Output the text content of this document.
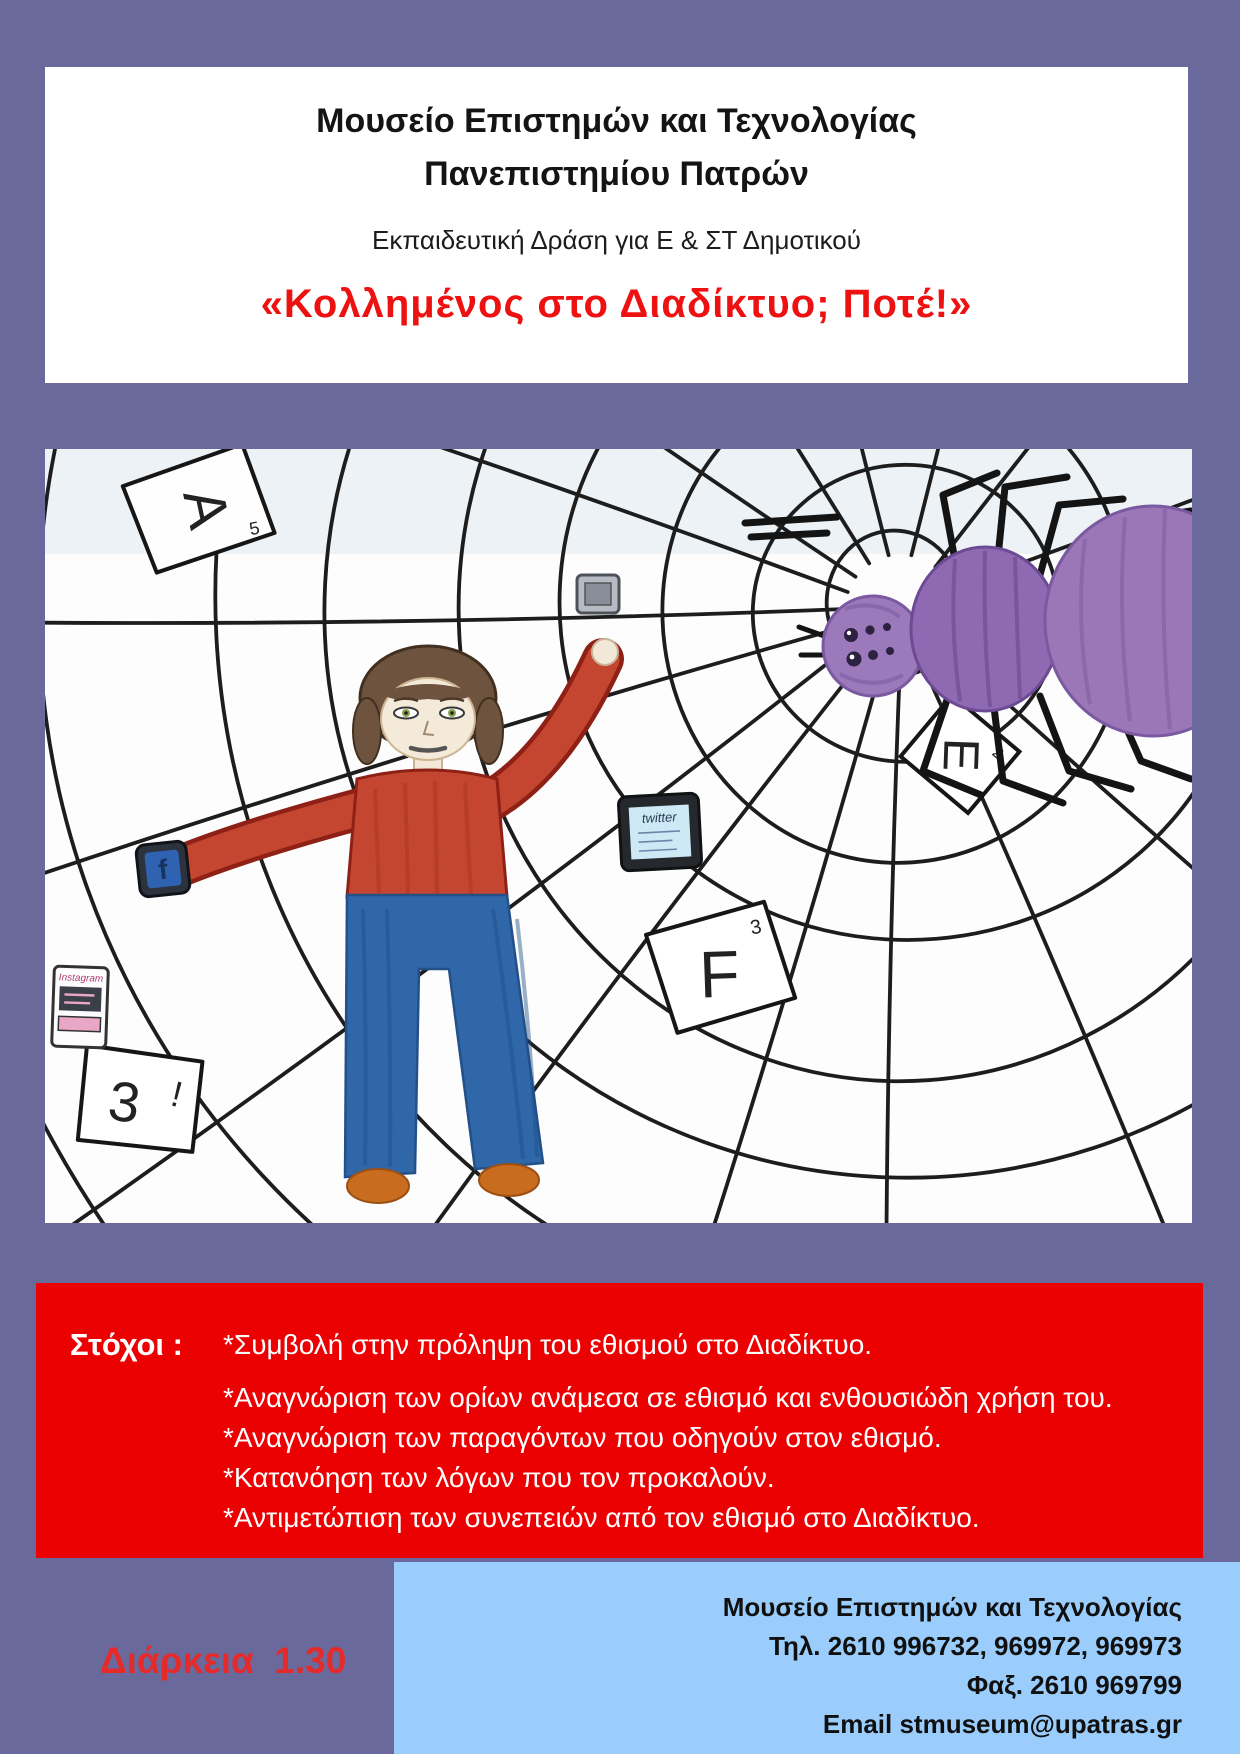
Μουσείο Επιστημών και Τεχνολογίας

Πανεπιστημίου Πατρών

Εκπαιδευτική Δράση για Ε & ΣΤ Δημοτικού

«Κολλημένος στο Διαδίκτυο; Ποτέ!»

A 5
E 2
F
3
3 !
twitter
Instagram
f
Στόχοι :	*Συμβολή στην πρόληψη του εθισμού στο Διαδίκτυο.
*Αναγνώριση των ορίων ανάμεσα σε εθισμό και ενθουσιώδη χρήση του.
*Αναγνώριση των παραγόντων που οδηγούν στον εθισμό.
*Κατανόηση των λόγων που τον προκαλούν.
*Αντιμετώπιση των συνεπειών από τον εθισμό στο Διαδίκτυο.
Διάρκεια  1.30

Μουσείο Επιστημών και Τεχνολογίας

Τηλ. 2610 996732, 969972, 969973

Φαξ. 2610 969799

Email stmuseum@upatras.gr
